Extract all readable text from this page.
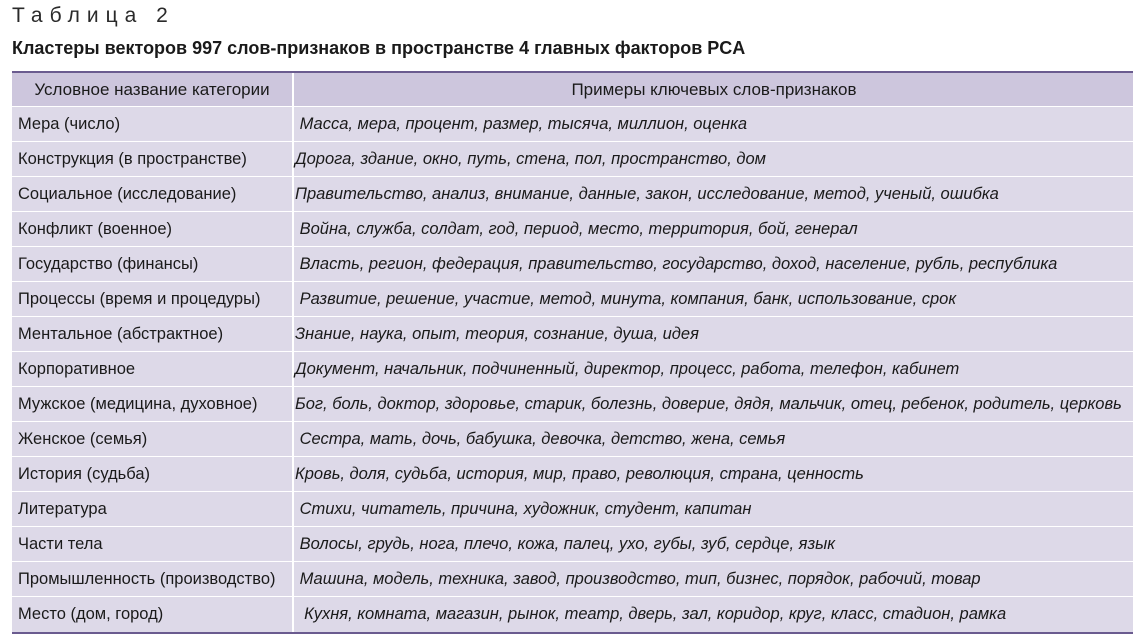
Таблица 2
Кластеры векторов 997 слов-признаков в пространстве 4 главных факторов PCA
Условное название категории	Примеры ключевых слов-признаков
Мера (число)	Масса, мера, процент, размер, тысяча, миллион, оценка
Конструкция (в пространстве)	Дорога, здание, окно, путь, стена, пол, пространство, дом
Социальное (исследование)	Правительство, анализ, внимание, данные, закон, исследование, метод, ученый, ошибка
Конфликт (военное)	Война, служба, солдат, год, период, место, территория, бой, генерал
Государство (финансы)	Власть, регион, федерация, правительство, государство, доход, население, рубль, республика
Процессы (время и процедуры)	Развитие, решение, участие, метод, минута, компания, банк, использование, срок
Ментальное (абстрактное)	Знание, наука, опыт, теория, сознание, душа, идея
Корпоративное	Документ, начальник, подчиненный, директор, процесс, работа, телефон, кабинет
Мужское (медицина, духовное)	Бог, боль, доктор, здоровье, старик, болезнь, доверие, дядя, мальчик, отец, ребенок, родитель, церковь
Женское (семья)	Сестра, мать, дочь, бабушка, девочка, детство, жена, семья
История (судьба)	Кровь, доля, судьба, история, мир, право, революция, страна, ценность
Литература	Стихи, читатель, причина, художник, студент, капитан
Части тела	Волосы, грудь, нога, плечо, кожа, палец, ухо, губы, зуб, сердце, язык
Промышленность (производство)	Машина, модель, техника, завод, производство, тип, бизнес, порядок, рабочий, товар
Место (дом, город)	Кухня, комната, магазин, рынок, театр, дверь, зал, коридор, круг, класс, стадион, рамка
